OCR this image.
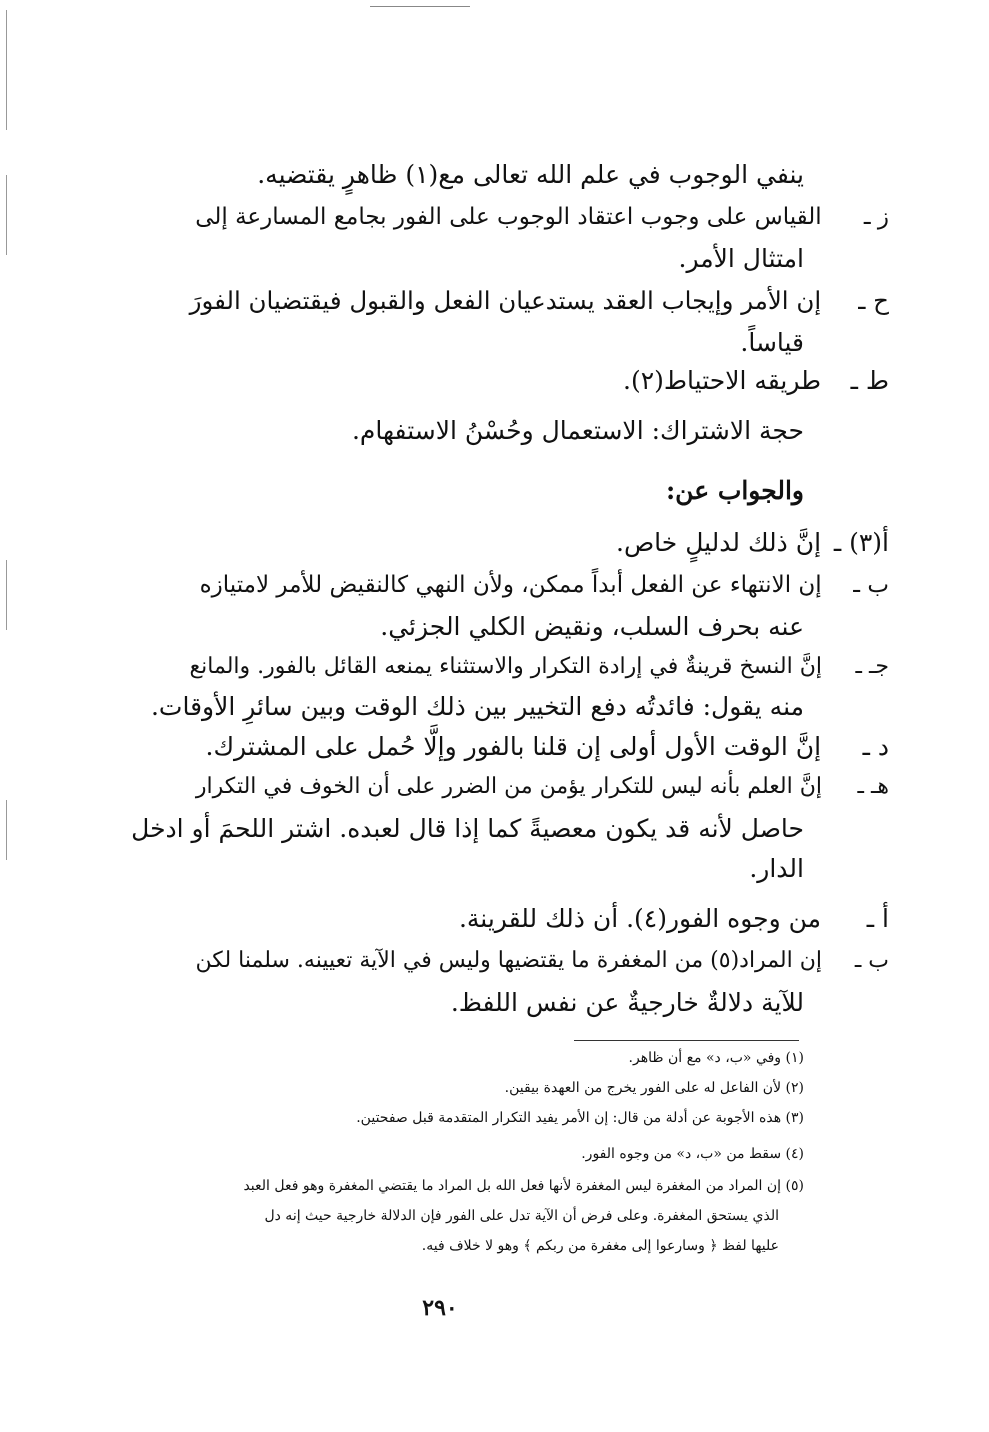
ينفي الوجوب في علم الله تعالى مع(١) ظاهرٍ يقتضيه.
ز ـ القياس على وجوب اعتقاد الوجوب على الفور بجامع المسارعة إلى
امتثال الأمر.
ح ـ إن الأمر وإيجاب العقد يستدعيان الفعل والقبول فيقتضيان الفورَ
قياساً.
ط ـ طريقه الاحتياط(٢).
حجة الاشتراك: الاستعمال وحُسْنُ الاستفهام.
والجواب عن:
أ(٣) ـ إنَّ ذلك لدليلٍ خاص.
ب ـ إن الانتهاء عن الفعل أبداً ممكن، ولأن النهي كالنقيض للأمر لامتيازه
عنه بحرف السلب، ونقيض الكلي الجزئي.
جـ ـ إنَّ النسخ قرينةٌ في إرادة التكرار والاستثناء يمنعه القائل بالفور. والمانع
منه يقول: فائدتُه دفع التخيير بين ذلك الوقت وبين سائرِ الأوقات.
د ـ إنَّ الوقت الأول أولى إن قلنا بالفور وإلَّا حُمل على المشترك.
هـ ـ إنَّ العلم بأنه ليس للتكرار يؤمن من الضرر على أن الخوف في التكرار
حاصل لأنه قد يكون معصيةً كما إذا قال لعبده. اشتر اللحمَ أو ادخل
الدار.
أ ـ من وجوه الفور(٤). أن ذلك للقرينة.
ب ـ إن المراد(٥) من المغفرة ما يقتضيها وليس في الآية تعيينه. سلمنا لكن
للآية دلالةٌ خارجيةٌ عن نفس اللفظ.
(١) وفي «ب، د» مع أن ظاهر.
(٢) لأن الفاعل له على الفور يخرج من العهدة بيقين.
(٣) هذه الأجوبة عن أدلة من قال: إن الأمر يفيد التكرار المتقدمة قبل صفحتين.
(٤) سقط من «ب، د» من وجوه الفور.
(٥) إن المراد من المغفرة ليس المغفرة لأنها فعل الله بل المراد ما يقتضي المغفرة وهو فعل العبد
الذي يستحق المغفرة. وعلى فرض أن الآية تدل على الفور فإن الدلالة خارجية حيث إنه دل
عليها لفظ ﴿ وسارعوا إلى مغفرة من ربكم ﴾ وهو لا خلاف فيه.
٢٩٠
